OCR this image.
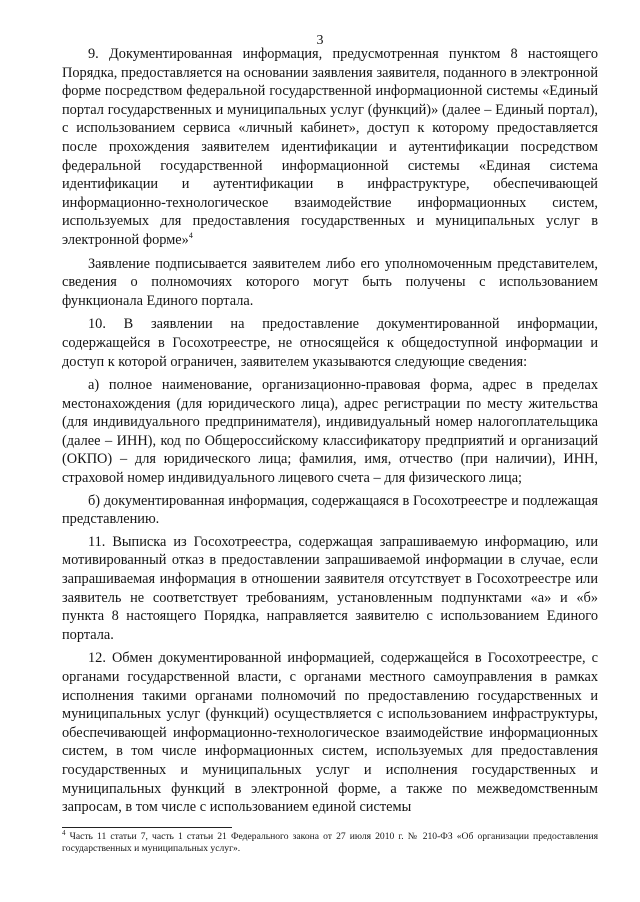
3

9. Документированная информация, предусмотренная пунктом 8 настоящего Порядка, предоставляется на основании заявления заявителя, поданного в электронной форме посредством федеральной государственной информационной системы «Единый портал государственных и муниципальных услуг (функций)» (далее – Единый портал), с использованием сервиса «личный кабинет», доступ к которому предоставляется после прохождения заявителем идентификации и аутентификации посредством федеральной государственной информационной системы «Единая система идентификации и аутентификации в инфраструктуре, обеспечивающей информационно-технологическое взаимодействие информационных систем, используемых для предоставления государственных и муниципальных услуг в электронной форме»$^4$

Заявление подписывается заявителем либо его уполномоченным представителем, сведения о полномочиях которого могут быть получены с использованием функционала Единого портала.

10. В заявлении на предоставление документированной информации, содержащейся в Госохотреестре, не относящейся к общедоступной информации и доступ к которой ограничен, заявителем указываются следующие сведения:

а) полное наименование, организационно-правовая форма, адрес в пределах местонахождения (для юридического лица), адрес регистрации по месту жительства (для индивидуального предпринимателя), индивидуальный номер налогоплательщика (далее – ИНН), код по Общероссийскому классификатору предприятий и организаций (ОКПО) – для юридического лица; фамилия, имя, отчество (при наличии), ИНН, страховой номер индивидуального лицевого счета – для физического лица;

б) документированная информация, содержащаяся в Госохотреестре и подлежащая представлению.

11. Выписка из Госохотреестра, содержащая запрашиваемую информацию, или мотивированный отказ в предоставлении запрашиваемой информации в случае, если запрашиваемая информация в отношении заявителя отсутствует в Госохотреестре или заявитель не соответствует требованиям, установленным подпунктами «а» и «б» пункта 8 настоящего Порядка, направляется заявителю с использованием Единого портала.

12. Обмен документированной информацией, содержащейся в Госохотреестре, с органами государственной власти, с органами местного самоуправления в рамках исполнения такими органами полномочий по предоставлению государственных и муниципальных услуг (функций) осуществляется с использованием инфраструктуры, обеспечивающей информационно-технологическое взаимодействие информационных систем, в том числе информационных систем, используемых для предоставления государственных и муниципальных услуг и исполнения государственных и муниципальных функций в электронной форме, а также по межведомственным запросам, в том числе с использованием единой системы

$^4$ Часть 11 статьи 7, часть 1 статьи 21 Федерального закона от 27 июля 2010 г. № 210-ФЗ «Об организации предоставления государственных и муниципальных услуг».
